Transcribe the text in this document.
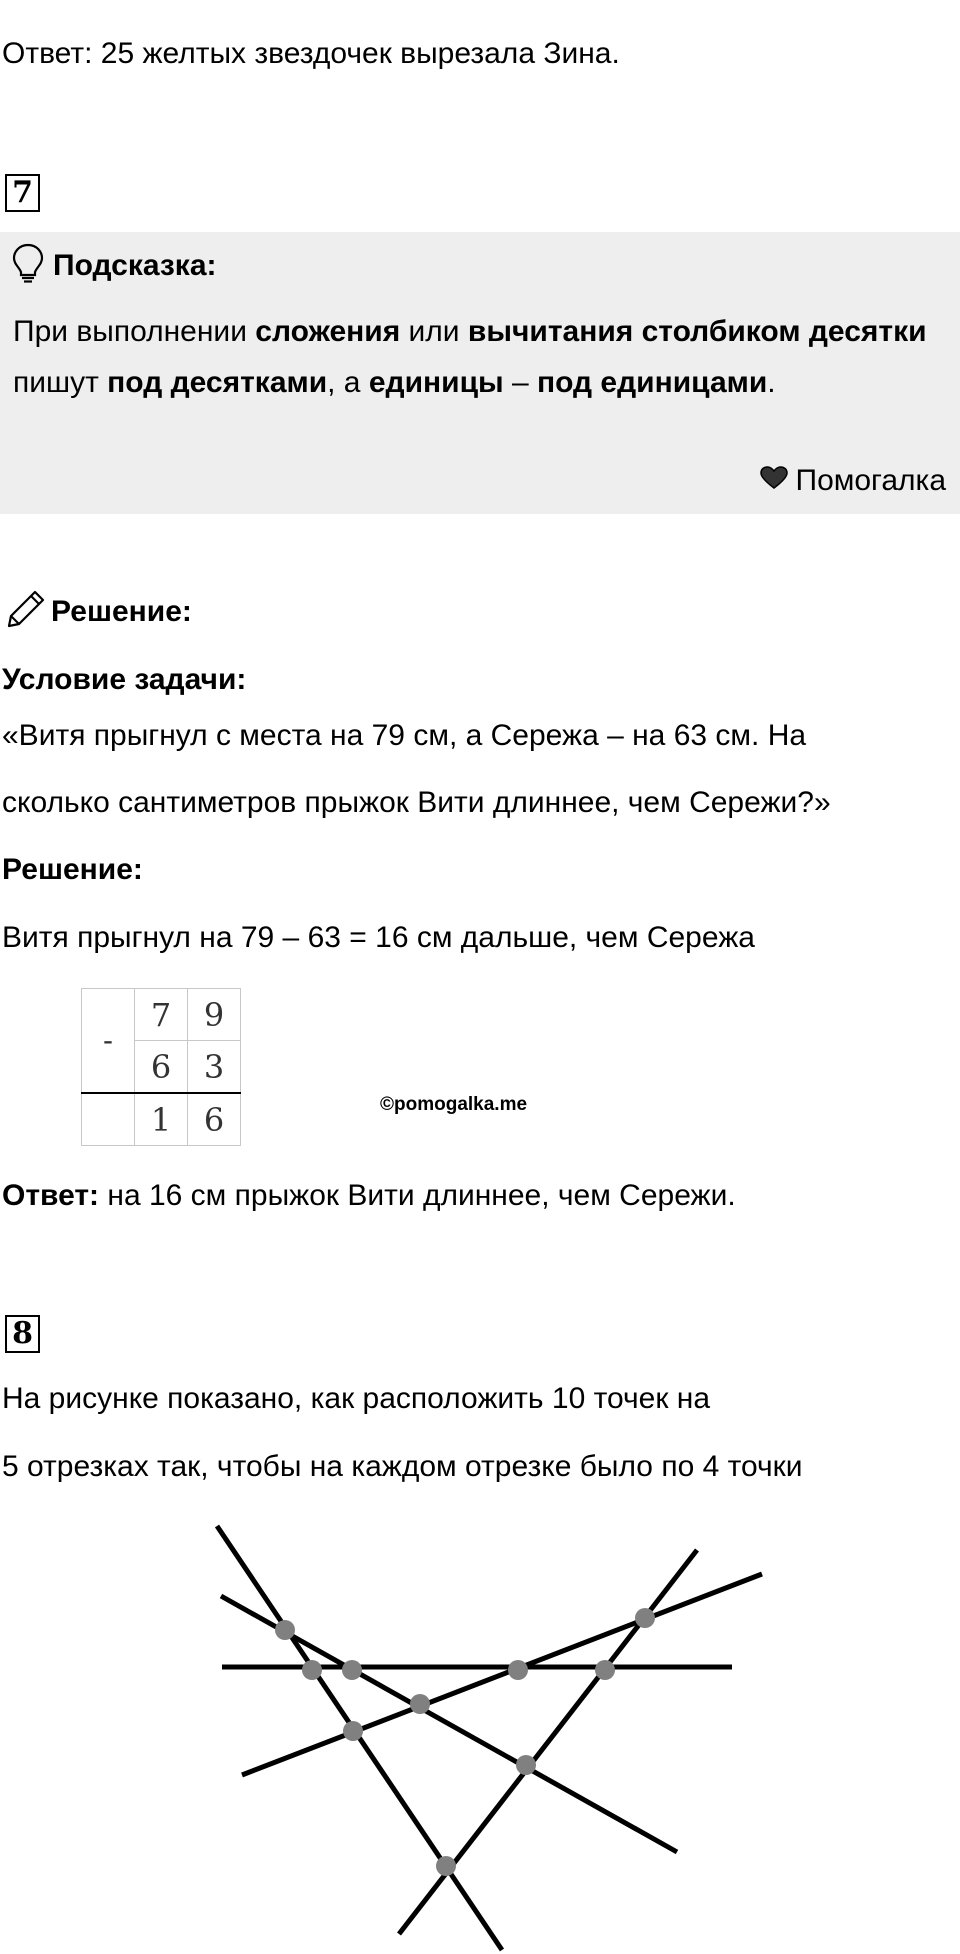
Ответ: 25 желтых звездочек вырезала Зина.
7
Подсказка:
При выполнении сложения или вычитания столбиком десятки пишут под десятками, а единицы – под единицами.
Помогалка
Решение:
Условие задачи:
«Витя прыгнул с места на 79 см, а Сережа – на 63 см. На
сколько сантиметров прыжок Вити длиннее, чем Сережи?»
Решение:
Витя прыгнул на 79 – 63 = 16 см дальше, чем Сережа
-	7	9
	6	3
	1	6	©pomogalka.me
Ответ: на 16 см прыжок Вити длиннее, чем Сережи.
8
На рисунке показано, как расположить 10 точек на
5 отрезках так, чтобы на каждом отрезке было по 4 точки
